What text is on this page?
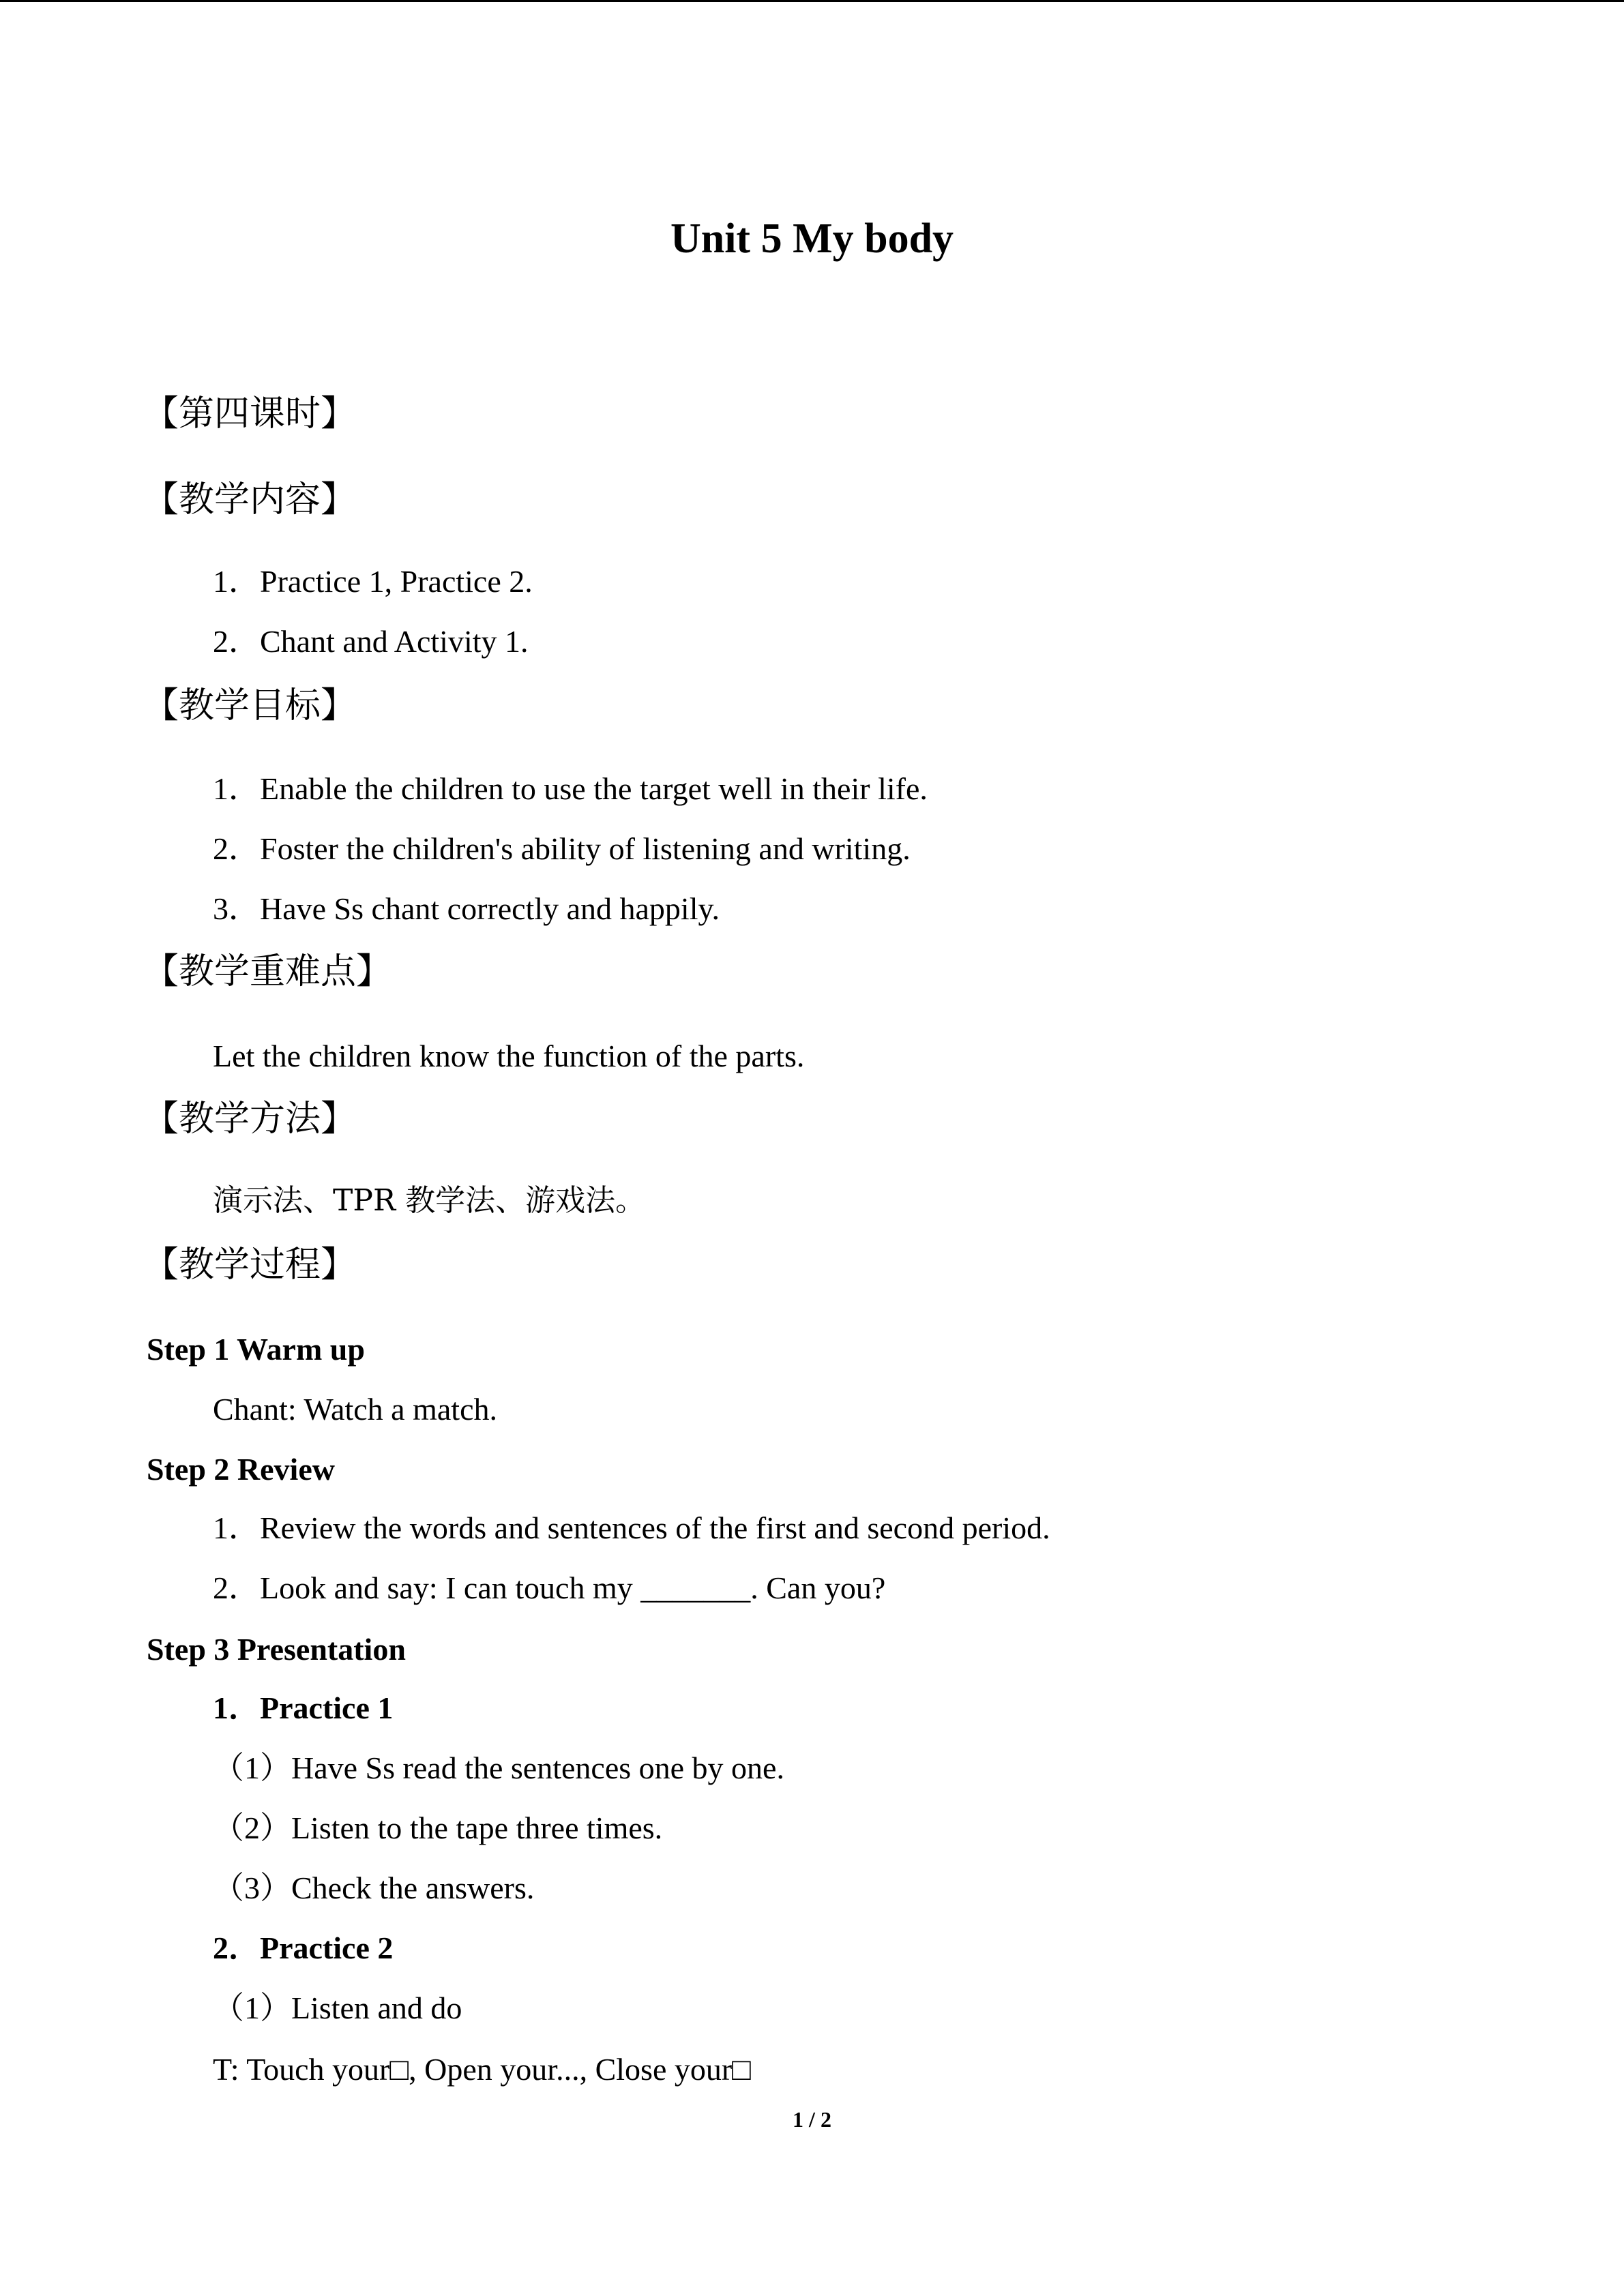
Unit 5 My body
【第四课时】
【教学内容】
1．Practice 1, Practice 2.
2．Chant and Activity 1.
【教学目标】
1．Enable the children to use the target well in their life.
2．Foster the children's ability of listening and writing.
3．Have Ss chant correctly and happily.
【教学重难点】
Let the children know the function of the parts.
【教学方法】
演示法、TPR 教学法、游戏法。
【教学过程】
Step 1 Warm up
Chant: Watch a match.
Step 2 Review
1．Review the words and sentences of the first and second period.
2．Look and say: I can touch my _______. Can you?
Step 3 Presentation
1．Practice 1
（1）Have Ss read the sentences one by one.
（2）Listen to the tape three times.
（3）Check the answers.
2．Practice 2
（1）Listen and do
T: Touch your□, Open your..., Close your□
1 / 2
